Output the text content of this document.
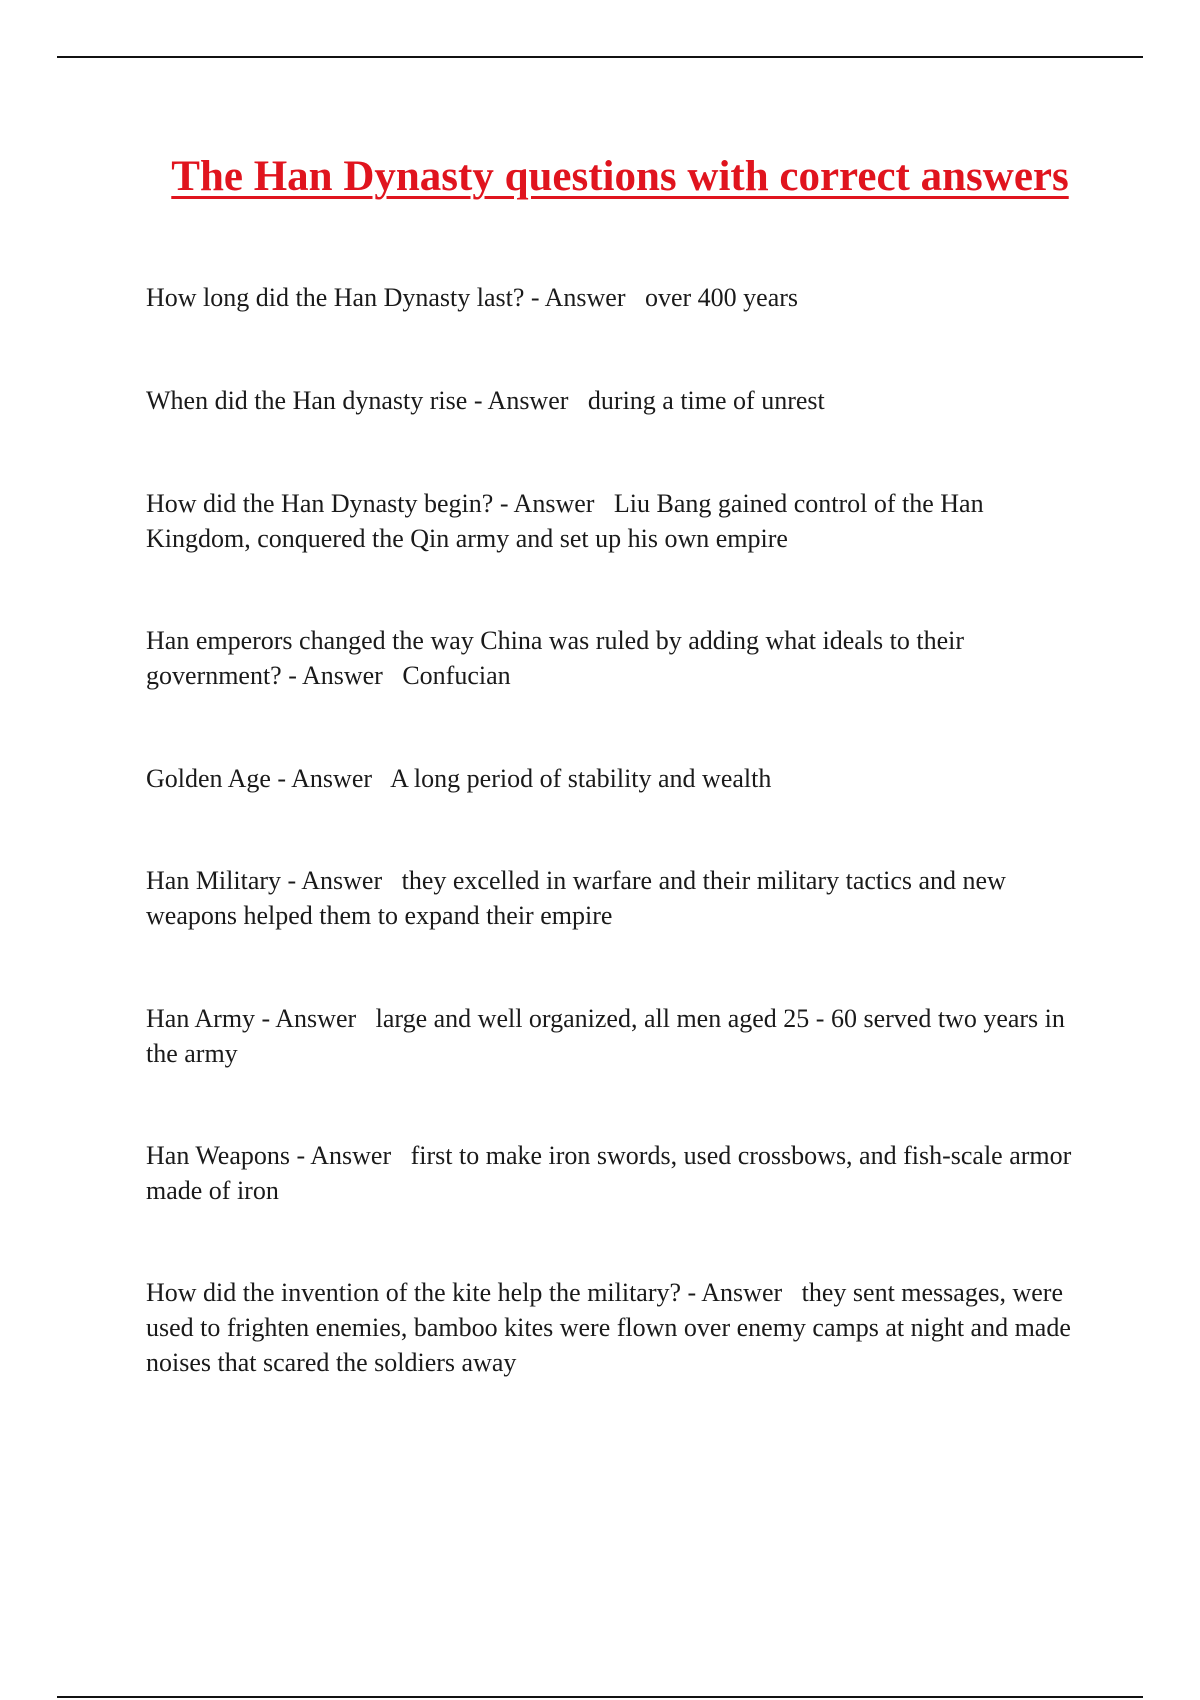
The Han Dynasty questions with correct answers
How long did the Han Dynasty last? - Answer   over 400 years
When did the Han dynasty rise - Answer   during a time of unrest
How did the Han Dynasty begin? - Answer   Liu Bang gained control of the Han Kingdom, conquered the Qin army and set up his own empire
Han emperors changed the way China was ruled by adding what ideals to their government? - Answer   Confucian
Golden Age - Answer   A long period of stability and wealth
Han Military - Answer   they excelled in warfare and their military tactics and new weapons helped them to expand their empire
Han Army - Answer   large and well organized, all men aged 25 - 60 served two years in the army
Han Weapons - Answer   first to make iron swords, used crossbows, and fish-scale armor made of iron
How did the invention of the kite help the military? - Answer   they sent messages, were used to frighten enemies, bamboo kites were flown over enemy camps at night and made noises that scared the soldiers away
